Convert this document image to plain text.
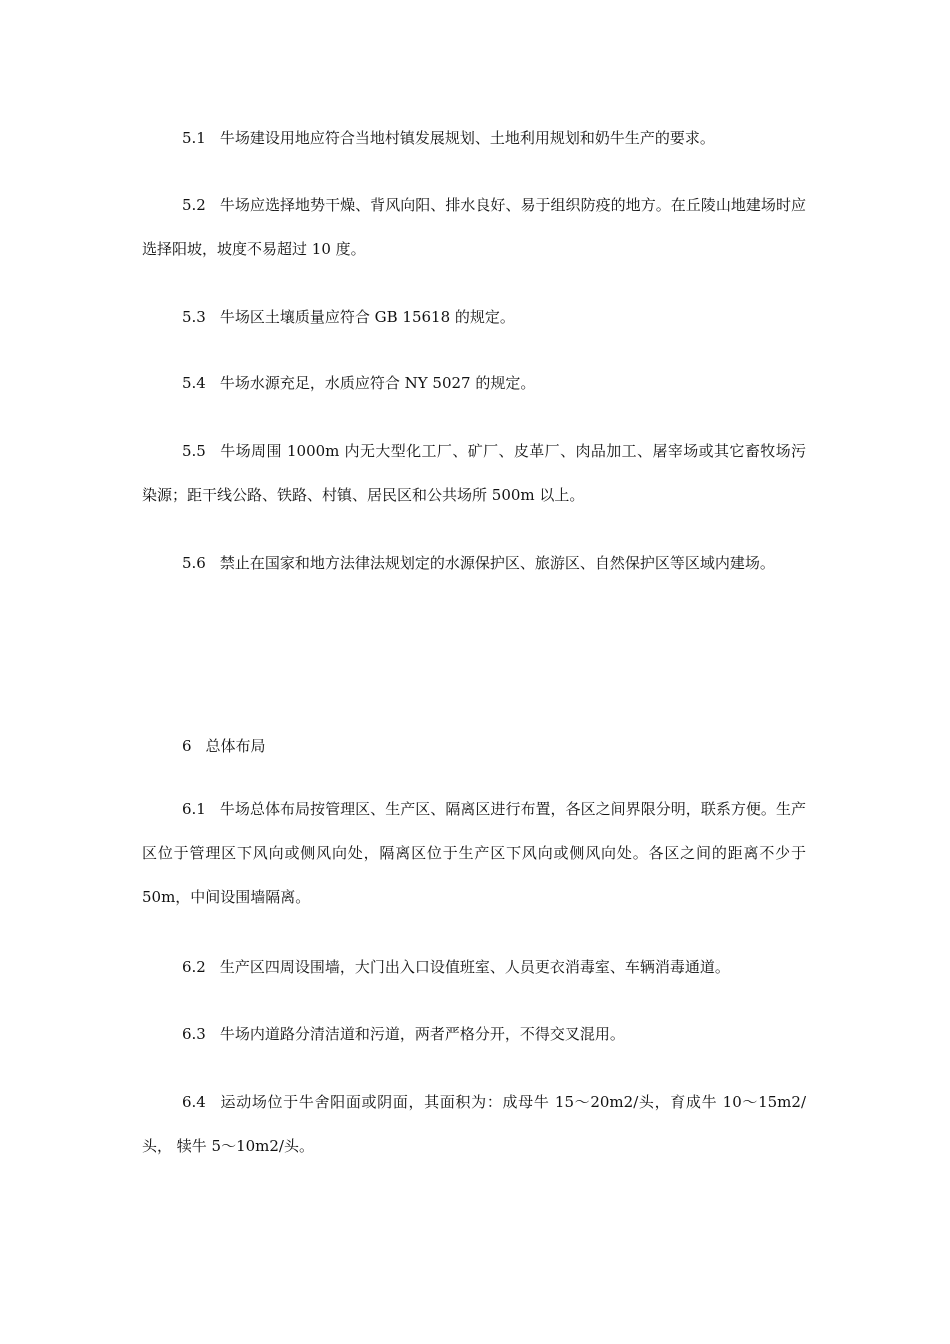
5.1 牛场建设用地应符合当地村镇发展规划、土地利用规划和奶牛生产的要求。

5.2 牛场应选择地势干燥、背风向阳、排水良好、易于组织防疫的地方。在丘陵山地建场时应选择阳坡，坡度不易超过 10 度。

5.3 牛场区土壤质量应符合 GB 15618 的规定。

5.4 牛场水源充足，水质应符合 NY 5027 的规定。

5.5 牛场周围 1000m 内无大型化工厂、矿厂、皮革厂、肉品加工、屠宰场或其它畜牧场污染源；距干线公路、铁路、村镇、居民区和公共场所 500m 以上。

5.6 禁止在国家和地方法律法规划定的水源保护区、旅游区、自然保护区等区域内建场。

6 总体布局

6.1 牛场总体布局按管理区、生产区、隔离区进行布置，各区之间界限分明，联系方便。生产区位于管理区下风向或侧风向处，隔离区位于生产区下风向或侧风向处。各区之间的距离不少于 50m，中间设围墙隔离。

6.2 生产区四周设围墙，大门出入口设值班室、人员更衣消毒室、车辆消毒通道。

6.3 牛场内道路分清洁道和污道，两者严格分开，不得交叉混用。

6.4 运动场位于牛舍阳面或阴面，其面积为：成母牛 15～20m2/头，育成牛 10～15m2/头， 犊牛 5～10m2/头。
